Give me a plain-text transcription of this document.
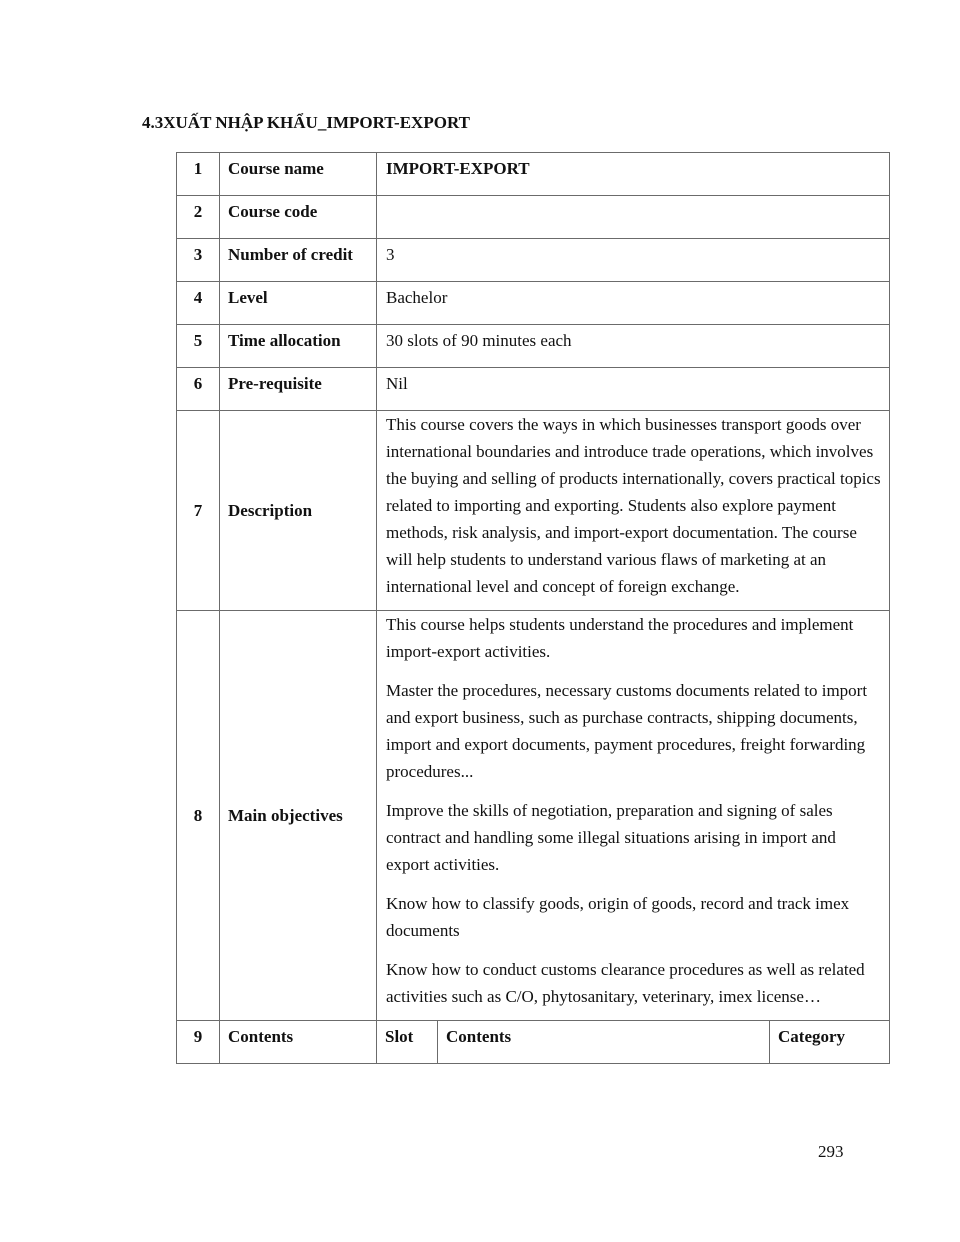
4.3XUẤT NHẬP KHẨU_IMPORT-EXPORT
1	Course name	IMPORT-EXPORT		
2	Course code			
3	Number of credit	3		
4	Level	Bachelor		
5	Time allocation	30 slots of 90 minutes each		
6	Pre-requisite	Nil		
7	Description	This course covers the ways in which businesses transport goods over international boundaries and introduce trade operations, which involves the buying and selling of products internationally, covers practical topics related to importing and exporting. Students also explore payment methods, risk analysis, and import-export documentation. The course will help students to understand various flaws of marketing at an international level and concept of foreign exchange.		
8	Main objectives	This course helps students understand the procedures and implement import-export activities.

Master the procedures, necessary customs documents related to import and export business, such as purchase contracts, shipping documents, import and export documents, payment procedures, freight forwarding procedures...

Improve the skills of negotiation, preparation and signing of sales contract and handling some illegal situations arising in import and export activities.

Know how to classify goods, origin of goods, record and track imex documents

Know how to conduct customs clearance procedures as well as related activities such as C/O, phytosanitary, veterinary, imex license…		

9	Contents	Slot	Contents	Category
293
